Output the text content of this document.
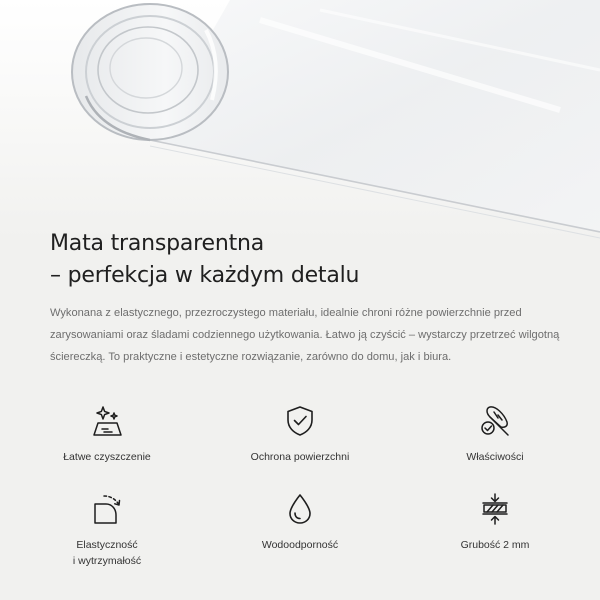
Mata transparentna
– perfekcja w każdym detalu

Wykonana z elastycznego, przezroczystego materiału, idealnie chroni różne powierzchnie przed zarysowaniami oraz śladami codziennego użytkowania. Łatwo ją czyścić – wystarczy przetrzeć wilgotną ściereczką. To praktyczne i estetyczne rozwiązanie, zarówno do domu, jak i biura.

Łatwe czyszczenie	Ochrona powierzchni	Właściwości
Elastyczność
i wytrzymałość
Wodoodporność	Grubość 2 mm
